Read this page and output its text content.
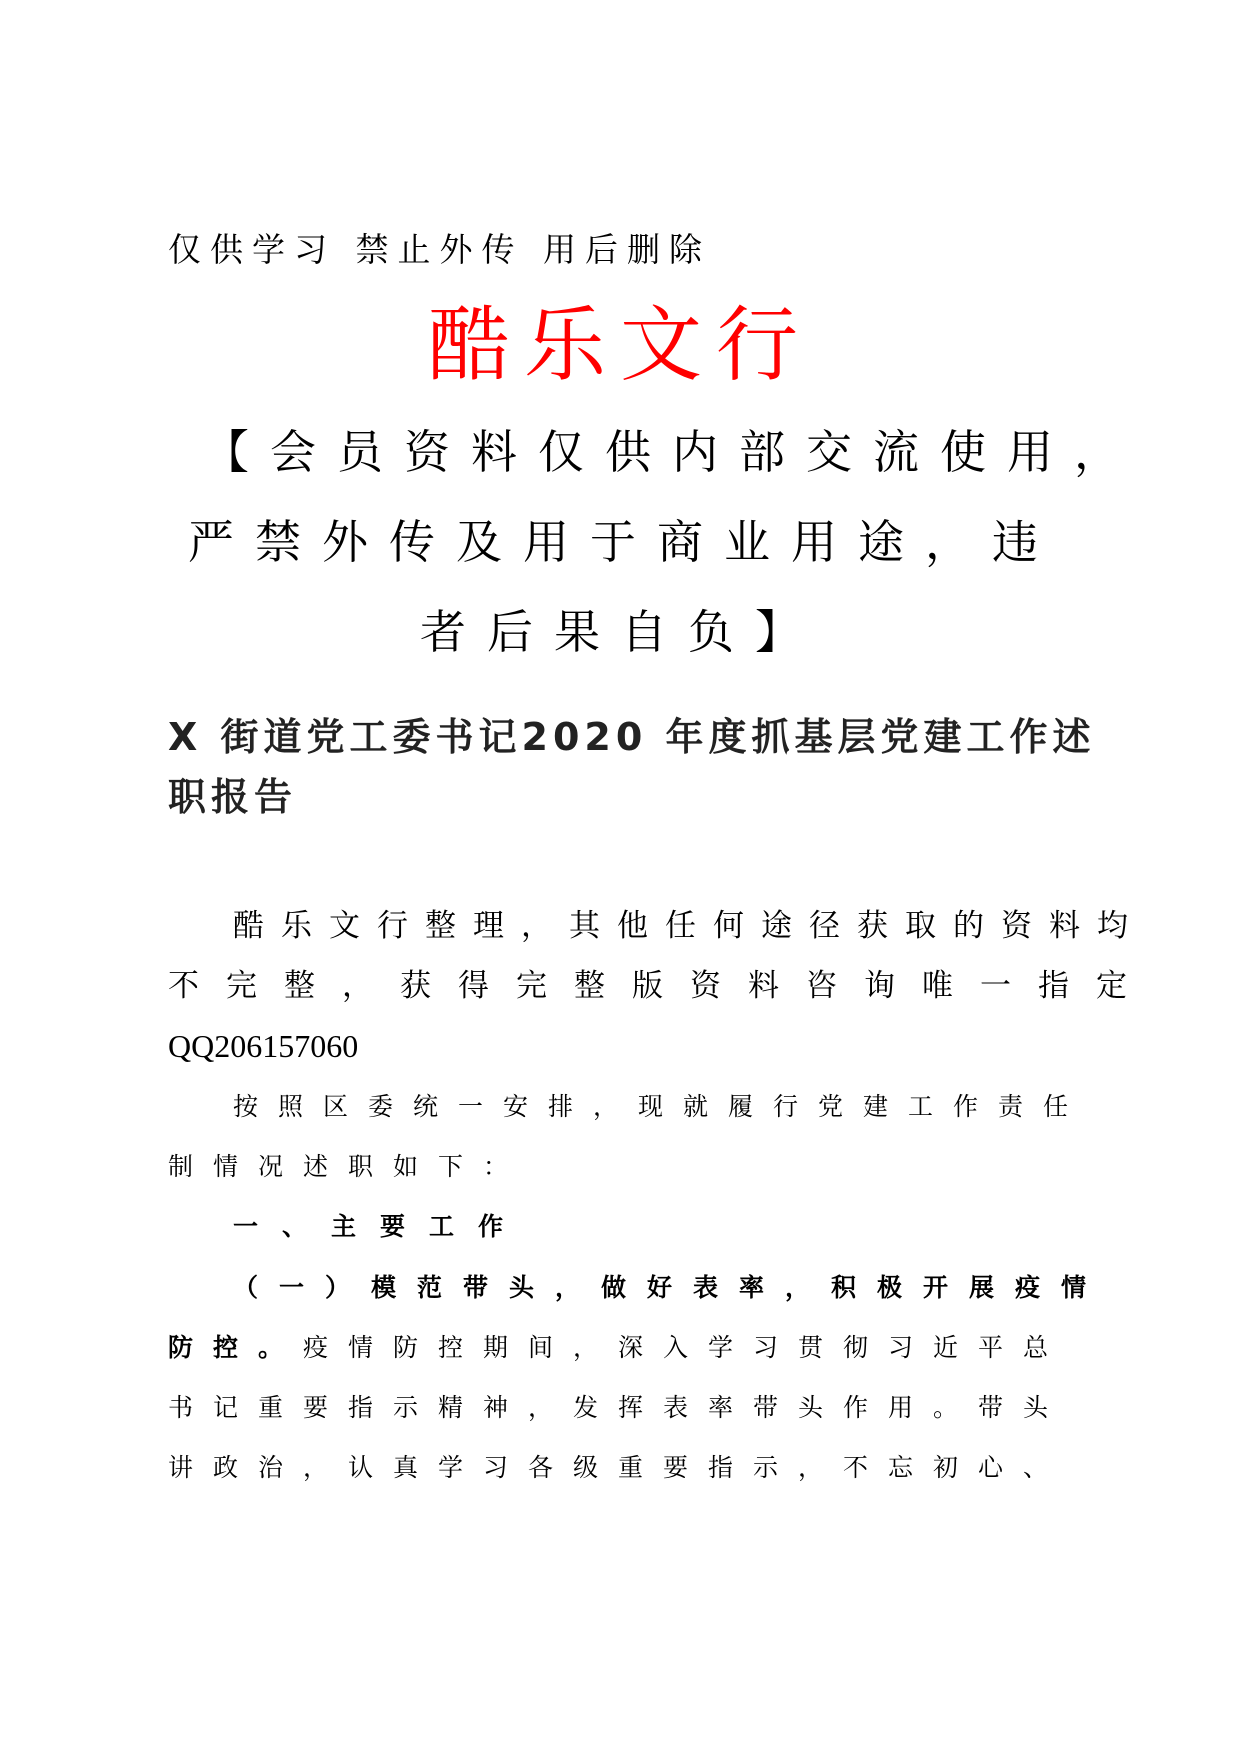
仅供学习 禁止外传 用后删除
酷乐文行
【会员资料仅供内部交流使用，
严禁外传及用于商业用途，违
者后果自负】
X 街道党工委书记2020 年度抓基层党建工作述
职报告
酷乐文行整理，其他任何途径获取的资料均
不完整，获得完整版资料咨询唯一指定
QQ206157060
按照区委统一安排，现就履行党建工作责任
制情况述职如下：
一、主要工作
（一）模范带头，做好表率，积极开展疫情
防控。疫情防控期间，深入学习贯彻习近平总
书记重要指示精神，发挥表率带头作用。带头
讲政治，认真学习各级重要指示，不忘初心、
